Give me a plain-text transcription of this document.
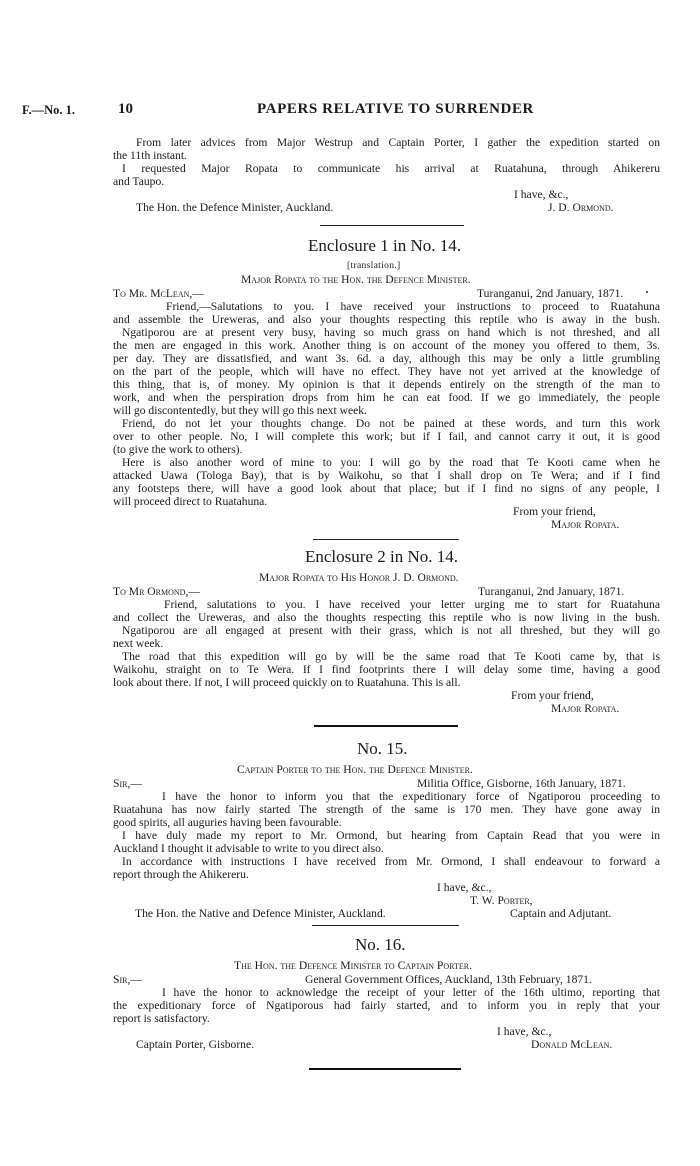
F.—No. 1.	10	PAPERS RELATIVE TO SURRENDER
From later advices from Major Westrup and Captain Porter, I gather the expedition started on
the 11th instant.
I requested Major Ropata to communicate his arrival at Ruatahuna, through Ahikereru
and Taupo.
I have, &c.,
The Hon. the Defence Minister, Auckland.	J. D. Ormond.
Enclosure 1 in No. 14.
[translation.]
Major Ropata to the Hon. the Defence Minister.
To Mr. McLean,—	Turanganui, 2nd January, 1871.
Friend,—Salutations to you. I have received your instructions to proceed to Ruatahuna
and assemble the Ureweras, and also your thoughts respecting this reptile who is away in the bush.
Ngatiporou are at present very busy, having so much grass on hand which is not threshed, and all
the men are engaged in this work. Another thing is on account of the money you offered to them, 3s.
per day. They are dissatisfied, and want 3s. 6d. a day, although this may be only a little grumbling
on the part of the people, which will have no effect. They have not yet arrived at the knowledge of
this thing, that is, of money. My opinion is that it depends entirely on the strength of the man to
work, and when the perspiration drops from him he can eat food. If we go immediately, the people
will go discontentedly, but they will go this next week.
Friend, do not let your thoughts change. Do not be pained at these words, and turn this work
over to other people. No, I will complete this work; but if I fail, and cannot carry it out, it is good
(to give the work to others).
Here is also another word of mine to you: I will go by the road that Te Kooti came when he
attacked Uawa (Tologa Bay), that is by Waikohu, so that I shall drop on Te Wera; and if I find
any footsteps there, will have a good look about that place; but if I find no signs of any people, I
will proceed direct to Ruatahuna.
From your friend,
Major Ropata.
Enclosure 2 in No. 14.
Major Ropata to His Honor J. D. Ormond.
To Mr Ormond,—	Turanganui, 2nd January, 1871.
Friend, salutations to you. I have received your letter urging me to start for Ruatahuna
and collect the Ureweras, and also the thoughts respecting this reptile who is now living in the bush.
Ngatiporou are all engaged at present with their grass, which is not all threshed, but they will go
next week.
The road that this expedition will go by will be the same road that Te Kooti came by, that is
Waikohu, straight on to Te Wera. If I find footprints there I will delay some time, having a good
look about there. If not, I will proceed quickly on to Ruatahuna. This is all.
From your friend,
Major Ropata.
No. 15.
Captain Porter to the Hon. the Defence Minister.
Sir,—	Militia Office, Gisborne, 16th January, 1871.
I have the honor to inform you that the expeditionary force of Ngatiporou proceeding to
Ruatahuna has now fairly started The strength of the same is 170 men. They have gone away in
good spirits, all auguries having been favourable.
I have duly made my report to Mr. Ormond, but hearing from Captain Read that you were in
Auckland I thought it advisable to write to you direct also.
In accordance with instructions I have received from Mr. Ormond, I shall endeavour to forward a
report through the Ahikereru.
I have, &c.,
T. W. Porter,
The Hon. the Native and Defence Minister, Auckland.	Captain and Adjutant.
No. 16.
The Hon. the Defence Minister to Captain Porter.
Sir,—	General Government Offices, Auckland, 13th February, 1871.
I have the honor to acknowledge the receipt of your letter of the 16th ultimo, reporting that
the expeditionary force of Ngatiporous had fairly started, and to inform you in reply that your
report is satisfactory.
I have, &c.,
Captain Porter, Gisborne.	Donald McLean.
